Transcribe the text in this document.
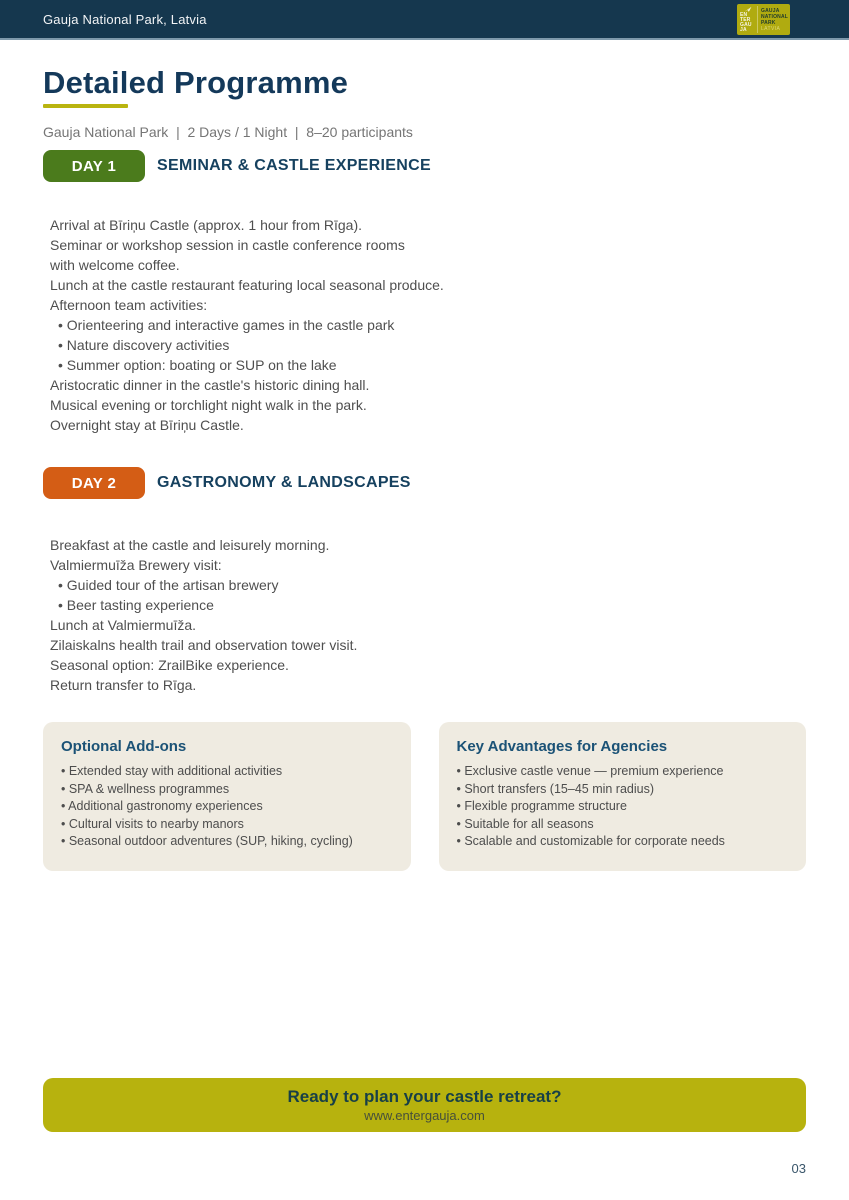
Gauja National Park, Latvia	EN
TER
GAU
JA
GAUJA
NATIONAL
PARK
LATVIA
Detailed Programme
Gauja National Park  |  2 Days / 1 Night  |  8–20 participants
DAY 1	SEMINAR & CASTLE EXPERIENCE
Arrival at Bīriņu Castle (approx. 1 hour from Rīga).
Seminar or workshop session in castle conference rooms
with welcome coffee.
Lunch at the castle restaurant featuring local seasonal produce.
Afternoon team activities:
• Orienteering and interactive games in the castle park
• Nature discovery activities
• Summer option: boating or SUP on the lake
Aristocratic dinner in the castle's historic dining hall.
Musical evening or torchlight night walk in the park.
Overnight stay at Bīriņu Castle.
DAY 2	GASTRONOMY & LANDSCAPES
Breakfast at the castle and leisurely morning.
Valmiermuīža Brewery visit:
• Guided tour of the artisan brewery
• Beer tasting experience
Lunch at Valmiermuīža.
Zilaiskalns health trail and observation tower visit.
Seasonal option: ZrailBike experience.
Return transfer to Rīga.
Optional Add-ons
• Extended stay with additional activities
• SPA & wellness programmes
• Additional gastronomy experiences
• Cultural visits to nearby manors
• Seasonal outdoor adventures (SUP, hiking, cycling)
Key Advantages for Agencies
• Exclusive castle venue — premium experience
• Short transfers (15–45 min radius)
• Flexible programme structure
• Suitable for all seasons
• Scalable and customizable for corporate needs
Ready to plan your castle retreat?
www.entergauja.com
03
